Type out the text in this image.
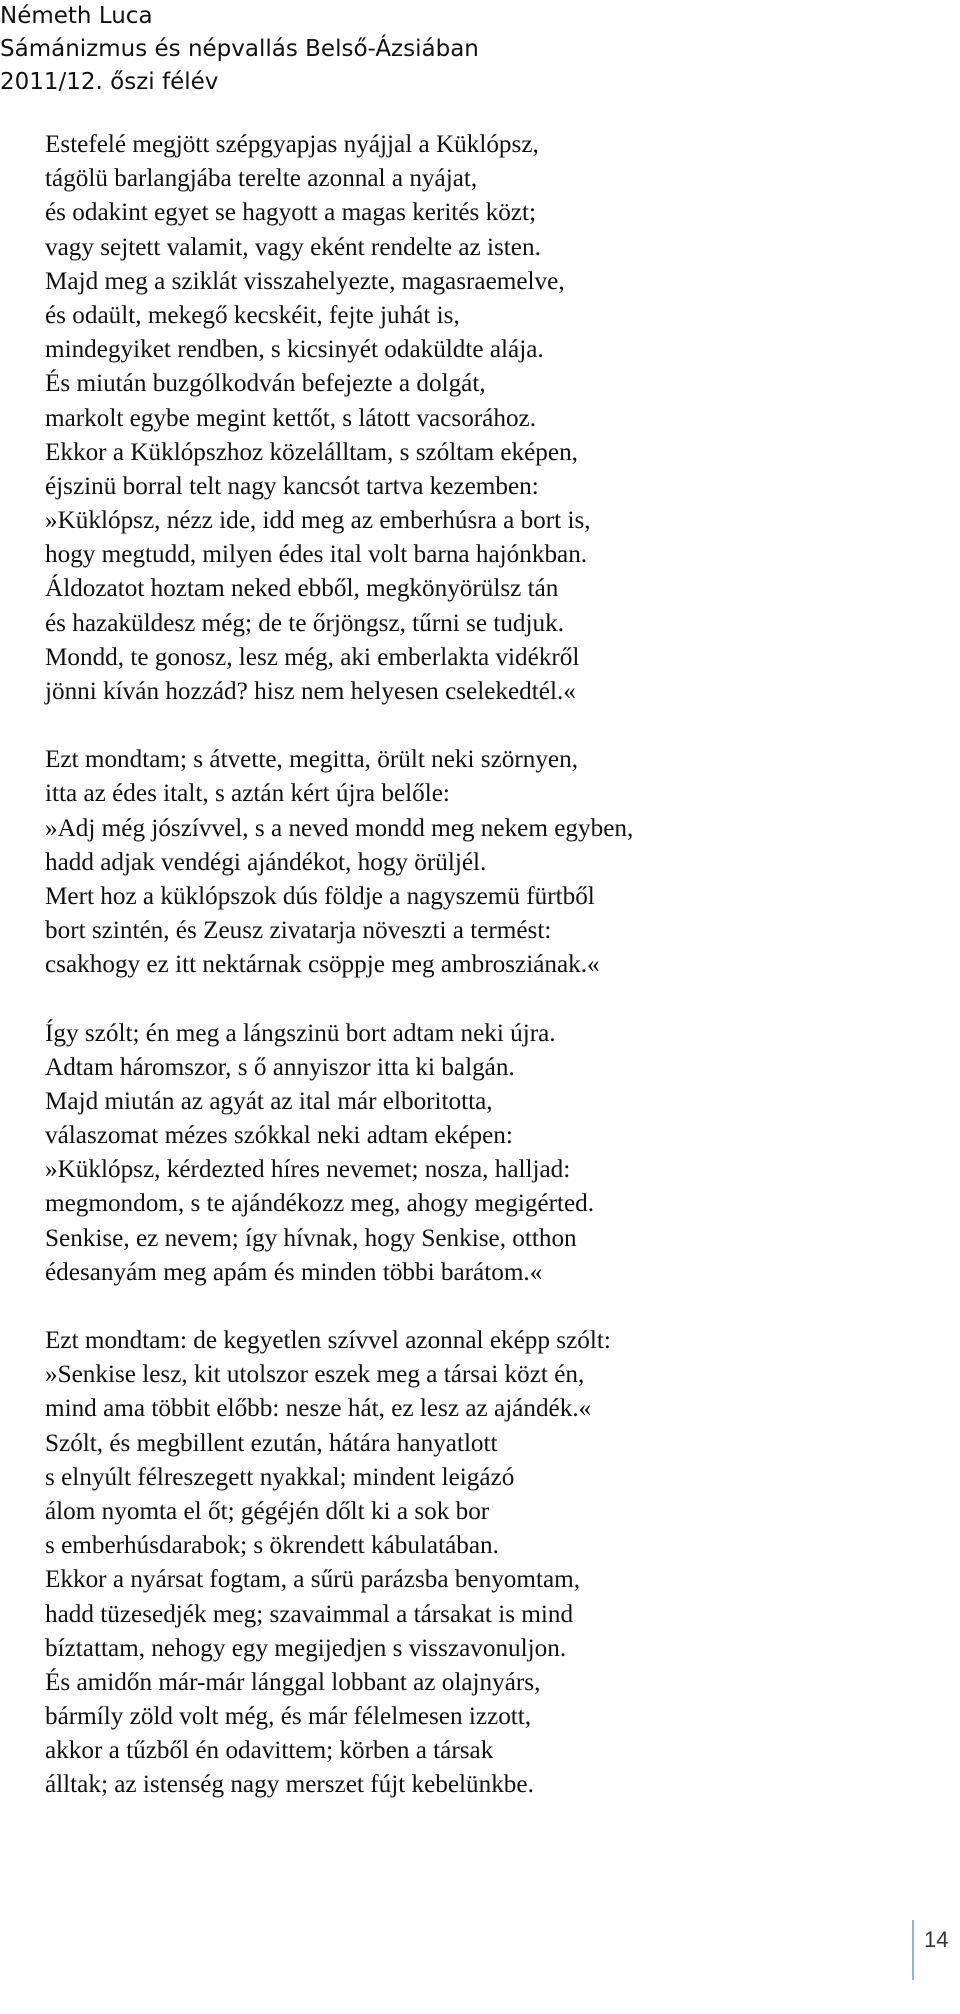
Németh Luca
Sámánizmus és népvallás Belső-Ázsiában
2011/12. őszi félév
Estefelé megjött szépgyapjas nyájjal a Küklópsz,
tágölü barlangjába terelte azonnal a nyájat,
és odakint egyet se hagyott a magas kerités közt;
vagy sejtett valamit, vagy eként rendelte az isten.
Majd meg a sziklát visszahelyezte, magasraemelve,
és odaült, mekegő kecskéit, fejte juhát is,
mindegyiket rendben, s kicsinyét odaküldte alája.
És miután buzgólkodván befejezte a dolgát,
markolt egybe megint kettőt, s látott vacsorához.
Ekkor a Küklópszhoz közelálltam, s szóltam eképen,
éjszinü borral telt nagy kancsót tartva kezemben:
»Küklópsz, nézz ide, idd meg az emberhúsra a bort is,
hogy megtudd, milyen édes ital volt barna hajónkban.
Áldozatot hoztam neked ebből, megkönyörülsz tán
és hazaküldesz még; de te őrjöngsz, tűrni se tudjuk.
Mondd, te gonosz, lesz még, aki emberlakta vidékről
jönni kíván hozzád? hisz nem helyesen cselekedtél.«
Ezt mondtam; s átvette, megitta, örült neki szörnyen,
itta az édes italt, s aztán kért újra belőle:
»Adj még jószívvel, s a neved mondd meg nekem egyben,
hadd adjak vendégi ajándékot, hogy örüljél.
Mert hoz a küklópszok dús földje a nagyszemü fürtből
bort szintén, és Zeusz zivatarja növeszti a termést:
csakhogy ez itt nektárnak csöppje meg ambrosziának.«
Így szólt; én meg a lángszinü bort adtam neki újra.
Adtam háromszor, s ő annyiszor itta ki balgán.
Majd miután az agyát az ital már elboritotta,
válaszomat mézes szókkal neki adtam eképen:
»Küklópsz, kérdezted híres nevemet; nosza, halljad:
megmondom, s te ajándékozz meg, ahogy megigérted.
Senkise, ez nevem; így hívnak, hogy Senkise, otthon
édesanyám meg apám és minden többi barátom.«
Ezt mondtam: de kegyetlen szívvel azonnal eképp szólt:
»Senkise lesz, kit utolszor eszek meg a társai közt én,
mind ama többit előbb: nesze hát, ez lesz az ajándék.«
Szólt, és megbillent ezután, hátára hanyatlott
s elnyúlt félreszegett nyakkal; mindent leigázó
álom nyomta el őt; gégéjén dőlt ki a sok bor
s emberhúsdarabok; s ökrendett kábulatában.
Ekkor a nyársat fogtam, a sűrü parázsba benyomtam,
hadd tüzesedjék meg; szavaimmal a társakat is mind
bíztattam, nehogy egy megijedjen s visszavonuljon.
És amidőn már-már lánggal lobbant az olajnyárs,
bármíly zöld volt még, és már félelmesen izzott,
akkor a tűzből én odavittem; körben a társak
álltak; az istenség nagy merszet fújt kebelünkbe.
14
